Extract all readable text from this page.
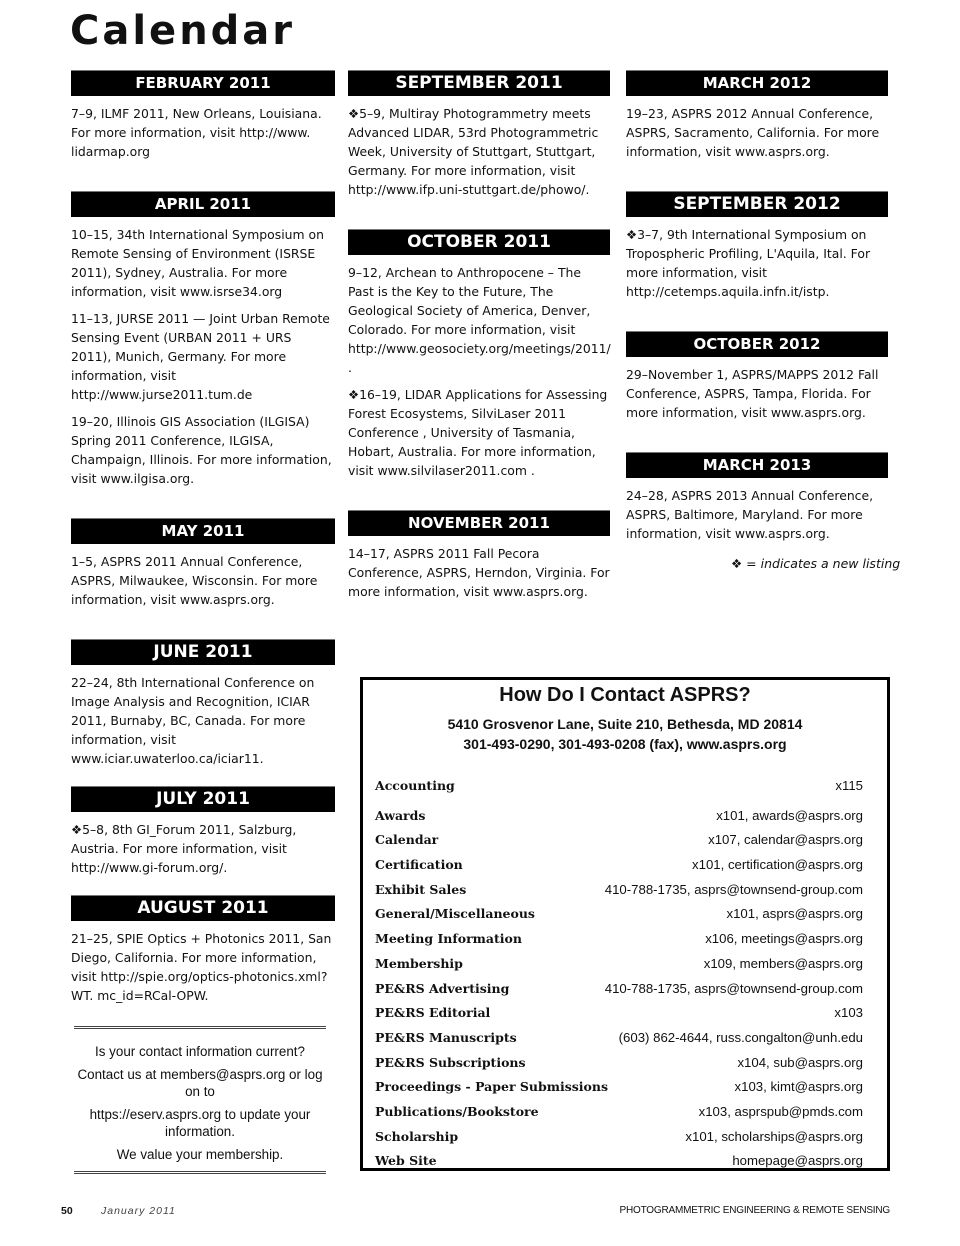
Calendar
FEBRUARY 2011

7–9, ILMF 2011, New Orleans, Louisiana. For more information, visit http://www. lidarmap.org

APRIL 2011

10–15, 34th International Symposium on Remote Sensing of Environment (ISRSE 2011), Sydney, Australia. For more information, visit www.isrse34.org

11–13, JURSE 2011 — Joint Urban Remote Sensing Event (URBAN 2011 + URS 2011), Munich, Germany. For more information, visit http://www.jurse2011.tum.de

19–20, Illinois GIS Association (ILGISA) Spring 2011 Conference, ILGISA, Champaign, Illinois. For more information, visit www.ilgisa.org.

MAY 2011

1–5, ASPRS 2011 Annual Conference, ASPRS, Milwaukee, Wisconsin. For more information, visit www.asprs.org.

JUNE 2011

22–24, 8th International Conference on Image Analysis and Recognition, ICIAR 2011, Burnaby, BC, Canada. For more information, visit www.iciar.uwaterloo.ca/iciar11.

JULY 2011

❖5–8, 8th GI_Forum 2011, Salzburg, Austria. For more information, visit http://www.gi-forum.org/.

AUGUST 2011

21–25, SPIE Optics + Photonics 2011, San Diego, California. For more information, visit http://spie.org/optics-photonics.xml?WT. mc_id=RCal-OPW.

SEPTEMBER 2011

❖5–9, Multiray Photogrammetry meets Advanced LIDAR, 53rd Photogrammetric Week, University of Stuttgart, Stuttgart, Germany. For more information, visit http://www.ifp.uni-stuttgart.de/phowo/.

OCTOBER 2011

9–12, Archean to Anthropocene – The Past is the Key to the Future, The Geological Society of America, Denver, Colorado. For more information, visit http://www.geosociety.org/meetings/2011/ .

❖16–19, LIDAR Applications for Assessing Forest Ecosystems, SilviLaser 2011 Conference , University of Tasmania, Hobart, Australia. For more information, visit www.silvilaser2011.com .

NOVEMBER 2011

14–17, ASPRS 2011 Fall Pecora Conference, ASPRS, Herndon, Virginia. For more information, visit www.asprs.org.

MARCH 2012

19–23, ASPRS 2012 Annual Conference, ASPRS, Sacramento, California. For more information, visit www.asprs.org.

SEPTEMBER 2012

❖3–7, 9th International Symposium on Tropospheric Profiling, L'Aquila, Ital. For more information, visit http://cetemps.aquila.infn.it/istp.

OCTOBER 2012

29–November 1, ASPRS/MAPPS 2012 Fall Conference, ASPRS, Tampa, Florida. For more information, visit www.asprs.org.

MARCH 2013

24–28, ASPRS 2013 Annual Conference, ASPRS, Baltimore, Maryland. For more information, visit www.asprs.org.

❖ = indicates a new listing

Is your contact information current?

Contact us at members@asprs.org or log on to

https://eserv.asprs.org to update your information.

We value your membership.

How Do I Contact ASPRS?
5410 Grosvenor Lane, Suite 210, Bethesda, MD 20814
301-493-0290, 301-493-0208 (fax), www.asprs.org
Accounting	x115
Awards	x101, awards@asprs.org
Calendar	x107, calendar@asprs.org
Certification	x101, certification@asprs.org
Exhibit Sales	410-788-1735, asprs@townsend-group.com
General/Miscellaneous	x101, asprs@asprs.org
Meeting Information	x106, meetings@asprs.org
Membership	x109, members@asprs.org
PE&RS Advertising	410-788-1735, asprs@townsend-group.com
PE&RS Editorial	x103
PE&RS Manuscripts	(603) 862-4644, russ.congalton@unh.edu
PE&RS Subscriptions	x104, sub@asprs.org
Proceedings - Paper Submissions	x103, kimt@asprs.org
Publications/Bookstore	x103, asprspub@pmds.com
Scholarship	x101, scholarships@asprs.org
Web Site	homepage@asprs.org
50	January 2011	PHOTOGRAMMETRIC ENGINEERING & REMOTE SENSING
